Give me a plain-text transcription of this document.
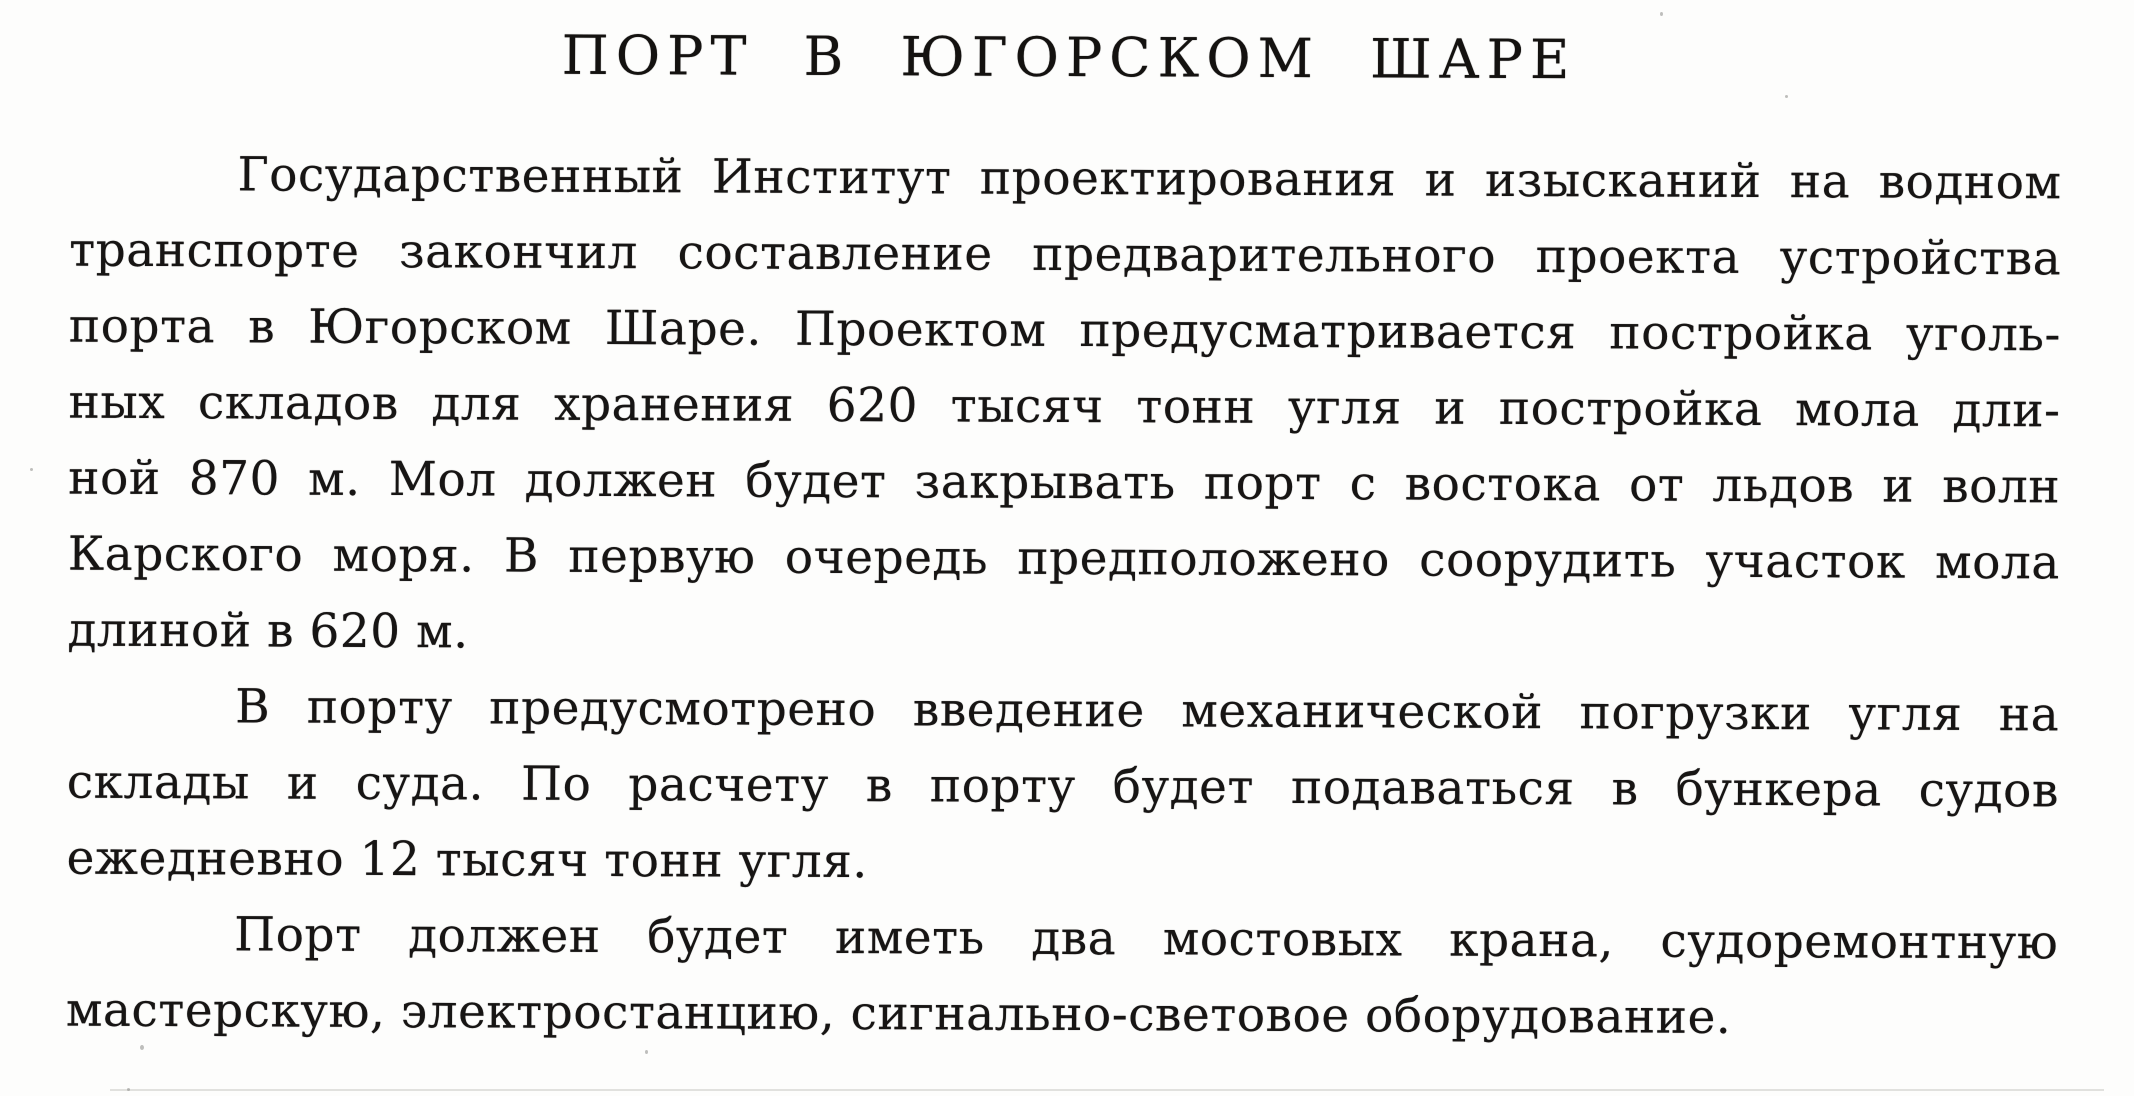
ПОРТ В ЮГОРСКОМ ШАРЕ

Государственный Институт проектирования и изысканий на водном

транспорте закончил составление предварительного проекта устройства

порта в Югорском Шаре. Проектом предусматривается постройка уголь-

ных складов для хранения 620 тысяч тонн угля и постройка мола дли-

ной 870 м. Мол должен будет закрывать порт с востока от льдов и волн

Карского моря. В первую очередь предположено соорудить участок мола

длиной в 620 м.

В порту предусмотрено введение механической погрузки угля на

склады и суда. По расчету в порту будет подаваться в бункера судов

ежедневно 12 тысяч тонн угля.

Порт должен будет иметь два мостовых крана, судоремонтную

мастерскую, электростанцию, сигнально-световое оборудование.
